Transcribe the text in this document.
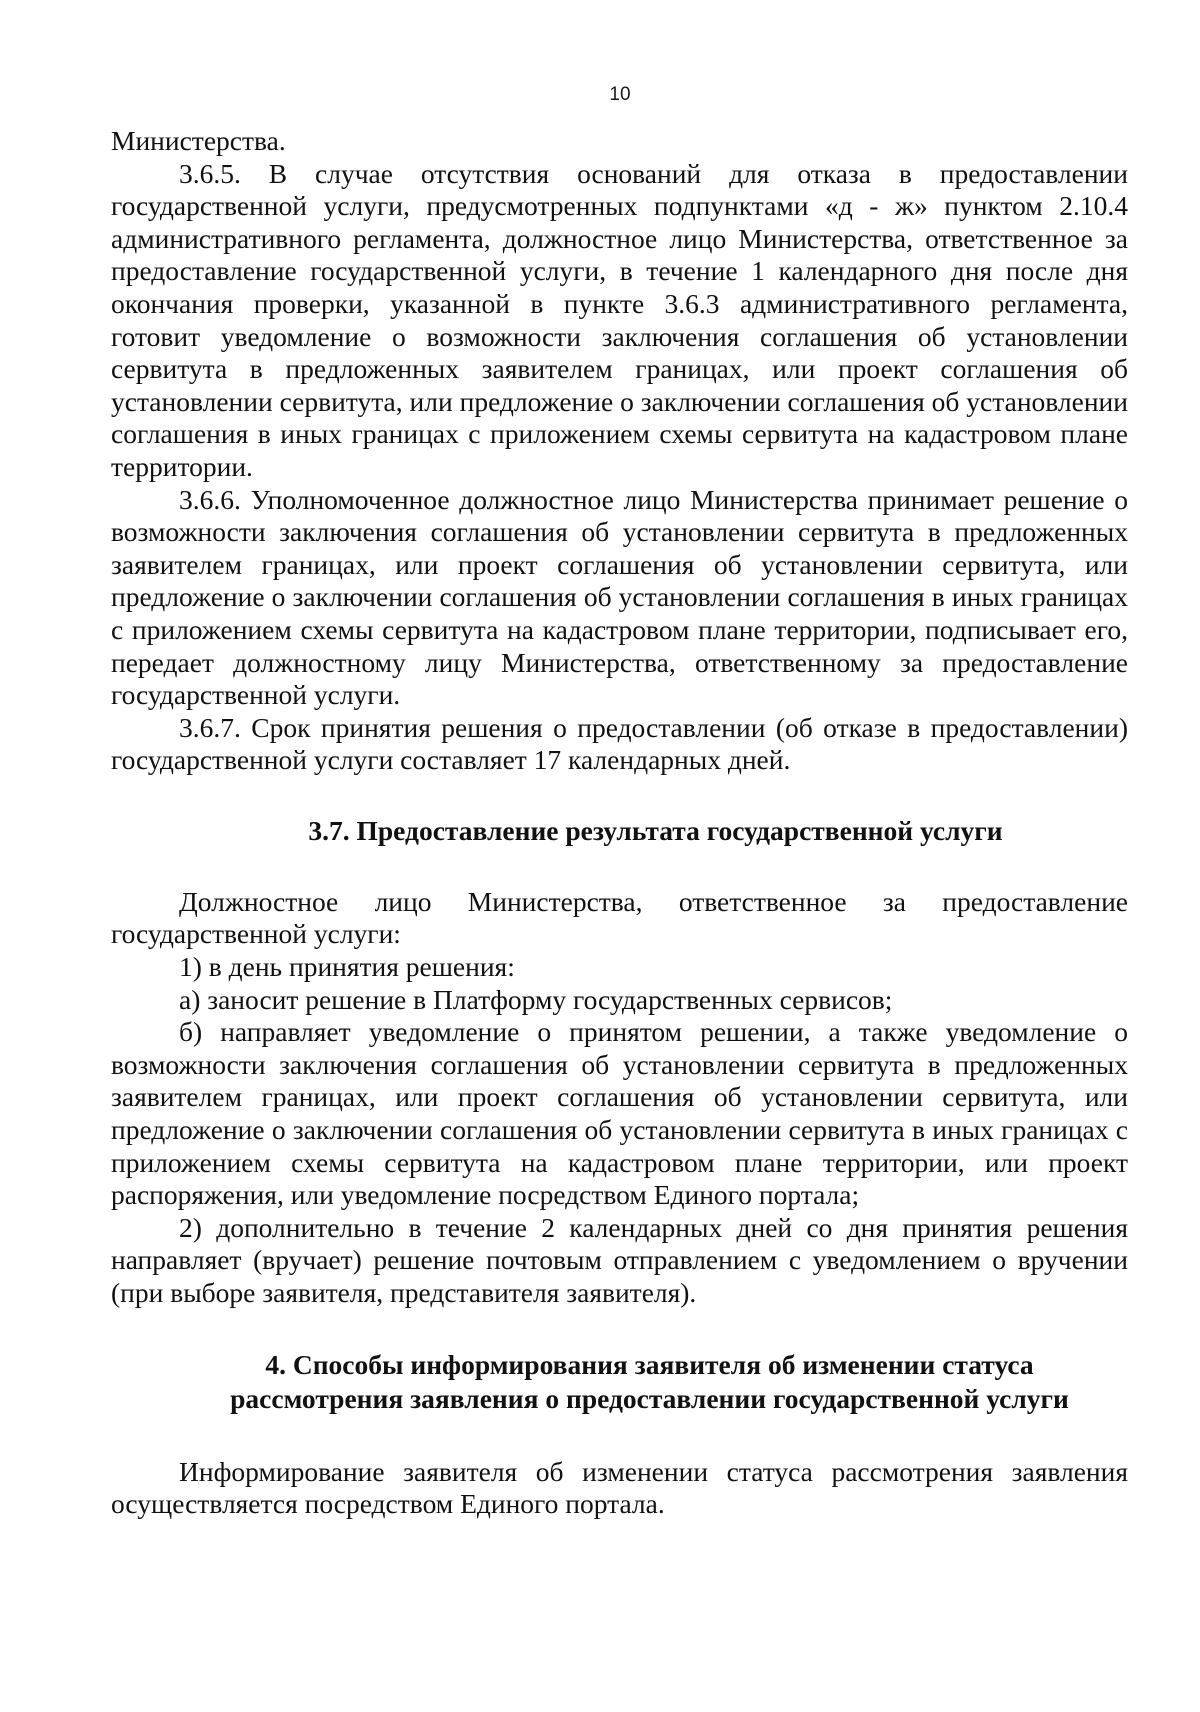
10

Министерства.

3.6.5. В случае отсутствия оснований для отказа в предоставлении государственной услуги, предусмотренных подпунктами «д - ж» пунктом 2.10.4 административного регламента, должностное лицо Министерства, ответственное за предоставление государственной услуги, в течение 1 календарного дня после дня окончания проверки, указанной в пункте 3.6.3 административного регламента, готовит уведомление о возможности заключения соглашения об установлении сервитута в предложенных заявителем границах, или проект соглашения об установлении сервитута, или предложение о заключении соглашения об установлении соглашения в иных границах с приложением схемы сервитута на кадастровом плане территории.

3.6.6. Уполномоченное должностное лицо Министерства принимает решение о возможности заключения соглашения об установлении сервитута в предложенных заявителем границах, или проект соглашения об установлении сервитута, или предложение о заключении соглашения об установлении соглашения в иных границах с приложением схемы сервитута на кадастровом плане территории, подписывает его, передает должностному лицу Министерства, ответственному за предоставление государственной услуги.

3.6.7. Срок принятия решения о предоставлении (об отказе в предоставлении) государственной услуги составляет 17 календарных дней.

3.7. Предоставление результата государственной услуги

Должностное лицо Министерства, ответственное за предоставление государственной услуги:

1) в день принятия решения:

а) заносит решение в Платформу государственных сервисов;

б) направляет уведомление о принятом решении, а также уведомление о возможности заключения соглашения об установлении сервитута в предложенных заявителем границах, или проект соглашения об установлении сервитута, или предложение о заключении соглашения об установлении сервитута в иных границах с приложением схемы сервитута на кадастровом плане территории, или проект распоряжения, или уведомление посредством Единого портала;

2) дополнительно в течение 2 календарных дней со дня принятия решения направляет (вручает) решение почтовым отправлением с уведомлением о вручении (при выборе заявителя, представителя заявителя).

4. Способы информирования заявителя об изменении статуса
рассмотрения заявления о предоставлении государственной услуги

Информирование заявителя об изменении статуса рассмотрения заявления осуществляется посредством Единого портала.
